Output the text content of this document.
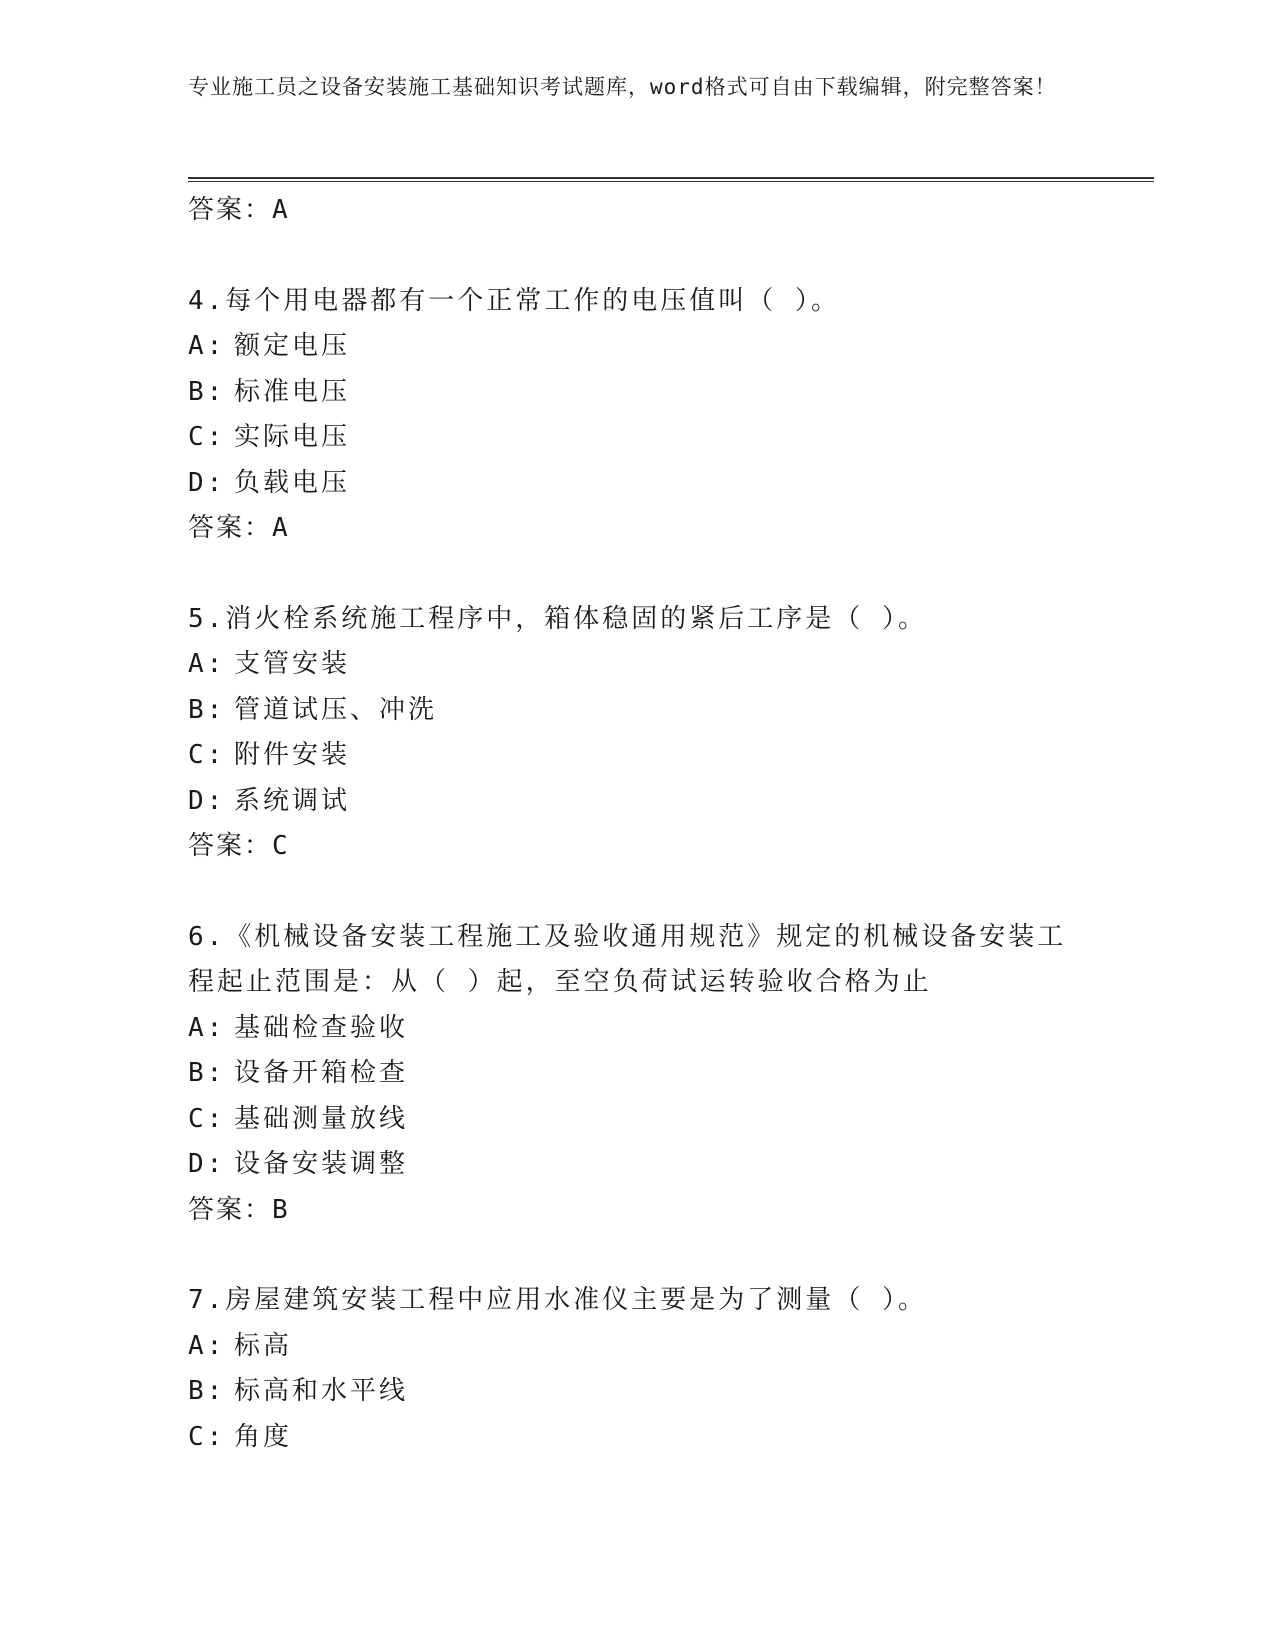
专业施工员之设备安装施工基础知识考试题库，word格式可自由下载编辑，附完整答案！
答案：A
4.每个用电器都有一个正常工作的电压值叫（ ）。
A: 额定电压
B: 标准电压
C: 实际电压
D: 负载电压
答案：A
5.消火栓系统施工程序中，箱体稳固的紧后工序是（ ）。
A: 支管安装
B: 管道试压、冲洗
C: 附件安装
D: 系统调试
答案：C
6.《机械设备安装工程施工及验收通用规范》规定的机械设备安装工
程起止范围是：从（ ）起，至空负荷试运转验收合格为止
A: 基础检查验收
B: 设备开箱检查
C: 基础测量放线
D: 设备安装调整
答案：B
7.房屋建筑安装工程中应用水准仪主要是为了测量（ ）。
A: 标高
B: 标高和水平线
C: 角度
